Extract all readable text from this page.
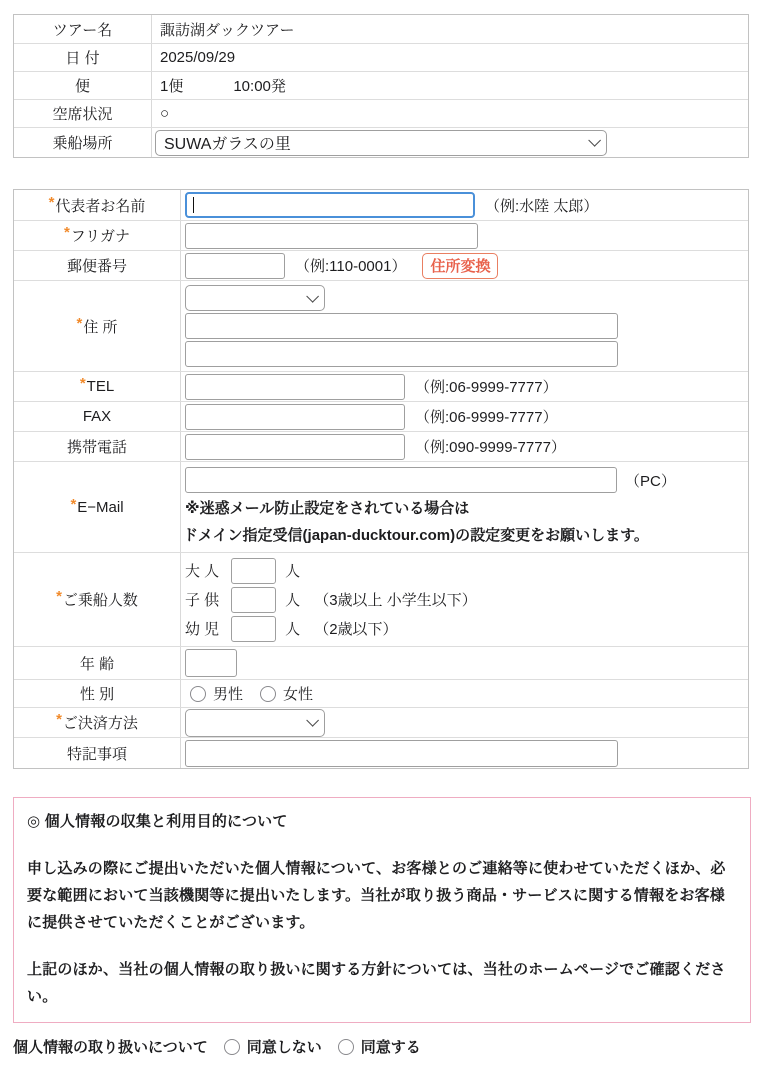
ツアー名	諏訪湖ダックツアー
日 付	2025/09/29
便	1便	10:00発
空席状況	○
乗船場所	SUWAガラスの里
* 代表者お名前	（例:水陸 太郎）
* フリガナ
郵便番号	（例:110-0001）	住所変換
* 住 所
* TEL	（例:06-9999-7777）
FAX	（例:06-9999-7777）
携帯電話	（例:090-9999-7777）
* E−Mail
（PC）
※迷惑メール防止設定をされている場合は
ドメイン指定受信(japan-ducktour.com)の設定変更をお願いします。
* ご乗船人数
大 人	人
子 供	人 （3歳以上 小学生以下）
幼 児	人 （2歳以下）
年 齢
性 別	男性	女性
* ご決済方法
特記事項
◎ 個人情報の収集と利用目的について
申し込みの際にご提出いただいた個人情報について、お客様とのご連絡等に使わせていただくほか、必要な範囲において当該機関等に提出いたします。当社が取り扱う商品・サービスに関する情報をお客様に提供させていただくことがございます。
上記のほか、当社の個人情報の取り扱いに関する方針については、当社のホームページでご確認ください。
個人情報の取り扱いについて	同意しない	同意する
